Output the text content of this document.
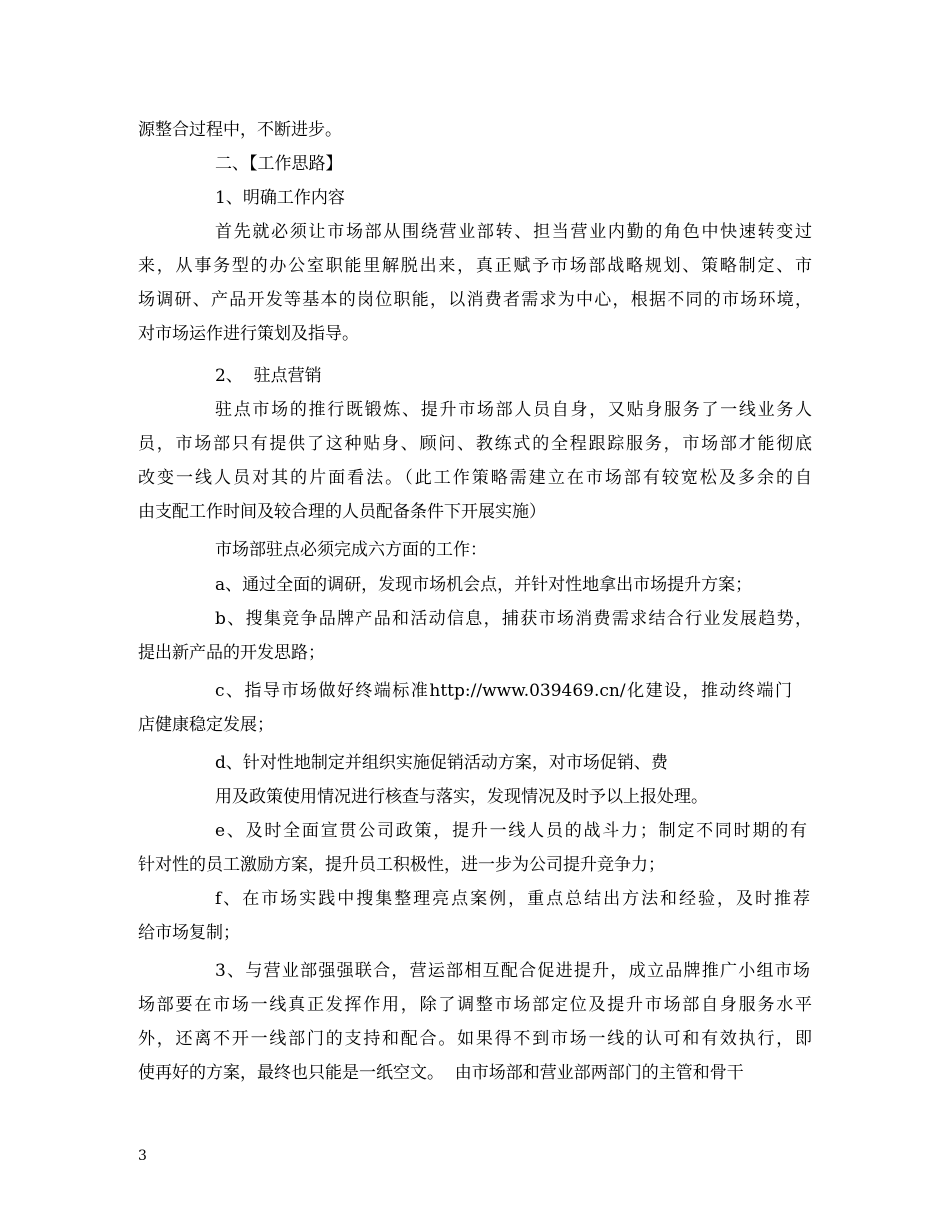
源整合过程中，不断进步。
二、【工作思路】
1、明确工作内容
首先就必须让市场部从围绕营业部转、担当营业内勤的角色中快速转变过
来，从事务型的办公室职能里解脱出来，真正赋予市场部战略规划、策略制定、市
场调研、产品开发等基本的岗位职能，以消费者需求为中心，根据不同的市场环境，
对市场运作进行策划及指导。
2、  驻点营销
驻点市场的推行既锻炼、提升市场部人员自身，又贴身服务了一线业务人
员，市场部只有提供了这种贴身、顾问、教练式的全程跟踪服务，市场部才能彻底
改变一线人员对其的片面看法。（此工作策略需建立在市场部有较宽松及多余的自
由支配工作时间及较合理的人员配备条件下开展实施）
市场部驻点必须完成六方面的工作：
a、通过全面的调研，发现市场机会点，并针对性地拿出市场提升方案；
b、搜集竞争品牌产品和活动信息，捕获市场消费需求结合行业发展趋势，
提出新产品的开发思路；
c、指导市场做好终端标准http://www.039469.cn/化建设，推动终端门
店健康稳定发展；
d、针对性地制定并组织实施促销活动方案，对市场促销、费
用及政策使用情况进行核查与落实，发现情况及时予以上报处理。
e、及时全面宣贯公司政策，提升一线人员的战斗力；制定不同时期的有
针对性的员工激励方案，提升员工积极性，进一步为公司提升竞争力；
f、在市场实践中搜集整理亮点案例，重点总结出方法和经验，及时推荐
给市场复制；
3、与营业部强强联合，营运部相互配合促进提升，成立品牌推广小组市场
场部要在市场一线真正发挥作用，除了调整市场部定位及提升市场部自身服务水平
外，还离不开一线部门的支持和配合。如果得不到市场一线的认可和有效执行，即
使再好的方案，最终也只能是一纸空文。  由市场部和营业部两部门的主管和骨干
3
